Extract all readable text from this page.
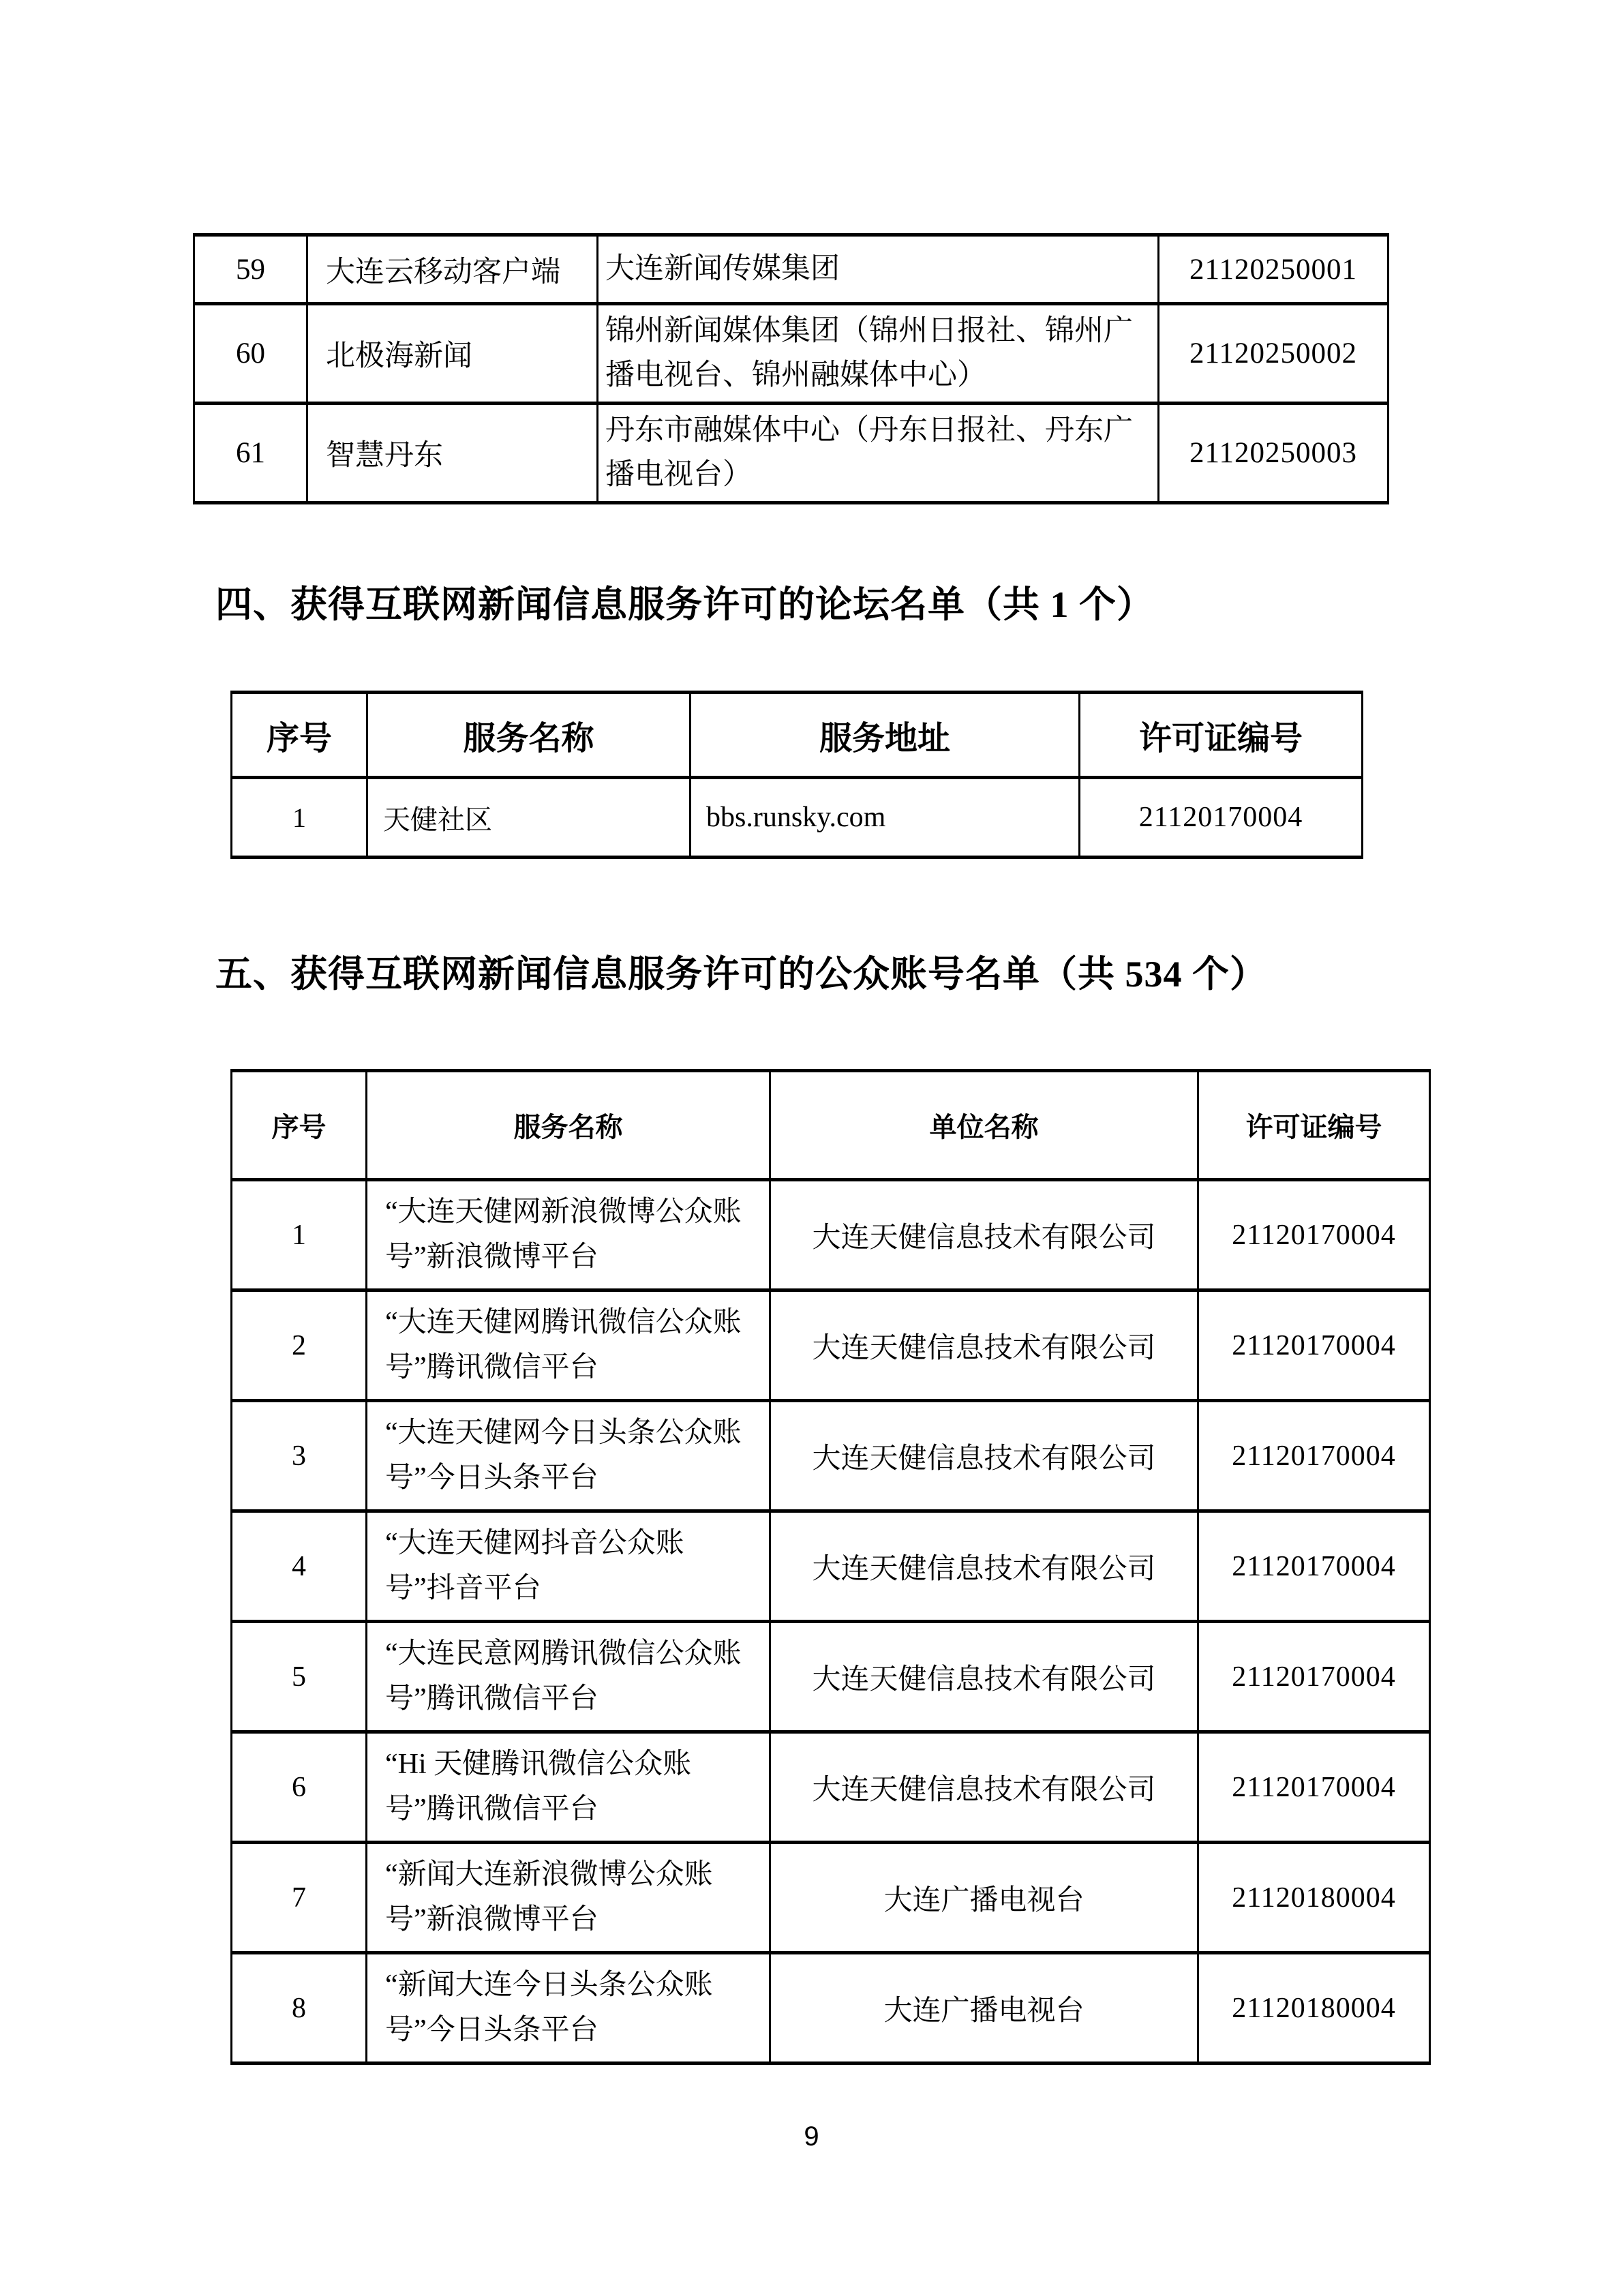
59	大连云移动客户端	大连新闻传媒集团	21120250001
60	北极海新闻	锦州新闻媒体集团（锦州日报社、锦州广播电视台、锦州融媒体中心）	21120250002
61	智慧丹东	丹东市融媒体中心（丹东日报社、丹东广播电视台）	21120250003
四、获得互联网新闻信息服务许可的论坛名单（共 1 个）
序号	服务名称	服务地址	许可证编号
1	天健社区	bbs.runsky.com	21120170004
五、获得互联网新闻信息服务许可的公众账号名单（共 534 个）
序号	服务名称	单位名称	许可证编号
1	“大连天健网新浪微博公众账号”新浪微博平台	大连天健信息技术有限公司	21120170004
2	“大连天健网腾讯微信公众账号”腾讯微信平台	大连天健信息技术有限公司	21120170004
3	“大连天健网今日头条公众账号”今日头条平台	大连天健信息技术有限公司	21120170004
4	“大连天健网抖音公众账号”抖音平台	大连天健信息技术有限公司	21120170004
5	“大连民意网腾讯微信公众账号”腾讯微信平台	大连天健信息技术有限公司	21120170004
6	“Hi 天健腾讯微信公众账号”腾讯微信平台	大连天健信息技术有限公司	21120170004
7	“新闻大连新浪微博公众账号”新浪微博平台	大连广播电视台	21120180004
8	“新闻大连今日头条公众账号”今日头条平台	大连广播电视台	21120180004
9
